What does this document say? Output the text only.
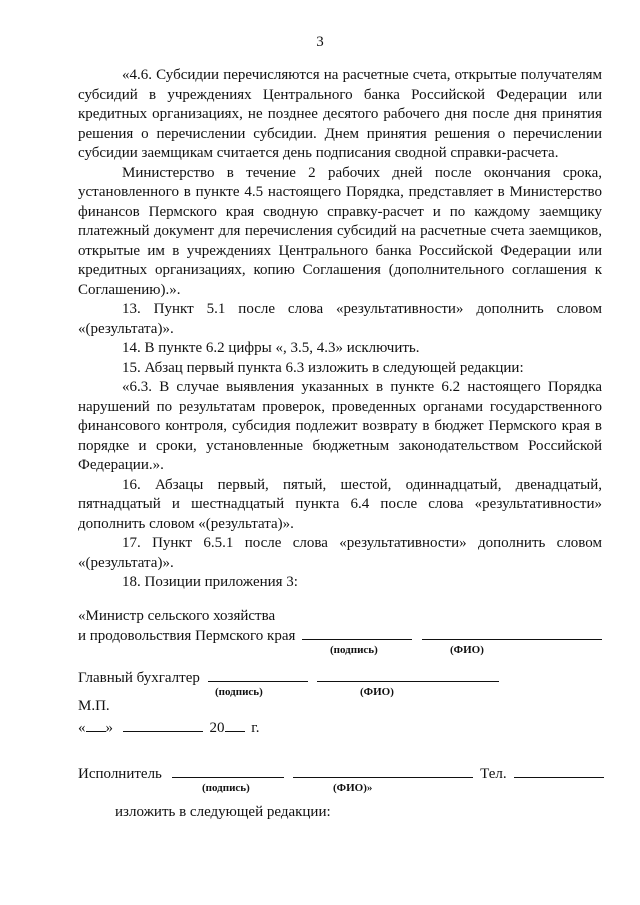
3

«4.6. Субсидии перечисляются на расчетные счета, открытые получателям субсидий в учреждениях Центрального банка Российской Федерации или кредитных организациях, не позднее десятого рабочего дня после дня принятия решения о перечислении субсидии. Днем принятия решения о перечислении субсидии заемщикам считается день подписания сводной справки-расчета.

Министерство в течение 2 рабочих дней после окончания срока, установленного в пункте 4.5 настоящего Порядка, представляет в Министерство финансов Пермского края сводную справку-расчет и по каждому заемщику платежный документ для перечисления субсидий на расчетные счета заемщиков, открытые им в учреждениях Центрального банка Российской Федерации или кредитных организациях, копию Соглашения (дополнительного соглашения к Соглашению).».

13. Пункт 5.1 после слова «результативности» дополнить словом «(результата)».

14. В пункте 6.2 цифры «, 3.5, 4.3» исключить.

15. Абзац первый пункта 6.3 изложить в следующей редакции:

«6.3. В случае выявления указанных в пункте 6.2 настоящего Порядка нарушений по результатам проверок, проведенных органами государственного финансового контроля, субсидия подлежит возврату в бюджет Пермского края в порядке и сроки, установленные бюджетным законодательством Российской Федерации.».

16. Абзацы первый, пятый, шестой, одиннадцатый, двенадцатый, пятнадцатый и шестнадцатый пункта 6.4 после слова «результативности» дополнить словом «(результата)».

17. Пункт 6.5.1 после слова «результативности» дополнить словом «(результата)».

18. Позиции приложения 3:

«Министр сельского хозяйства
и продовольствия Пермского края
(подпись)	(ФИО)
Главный бухгалтер
(подпись)	(ФИО)
М.П.
« »	20 г.
Исполнитель	Тел.
(подпись)	(ФИО)»
изложить в следующей редакции:
